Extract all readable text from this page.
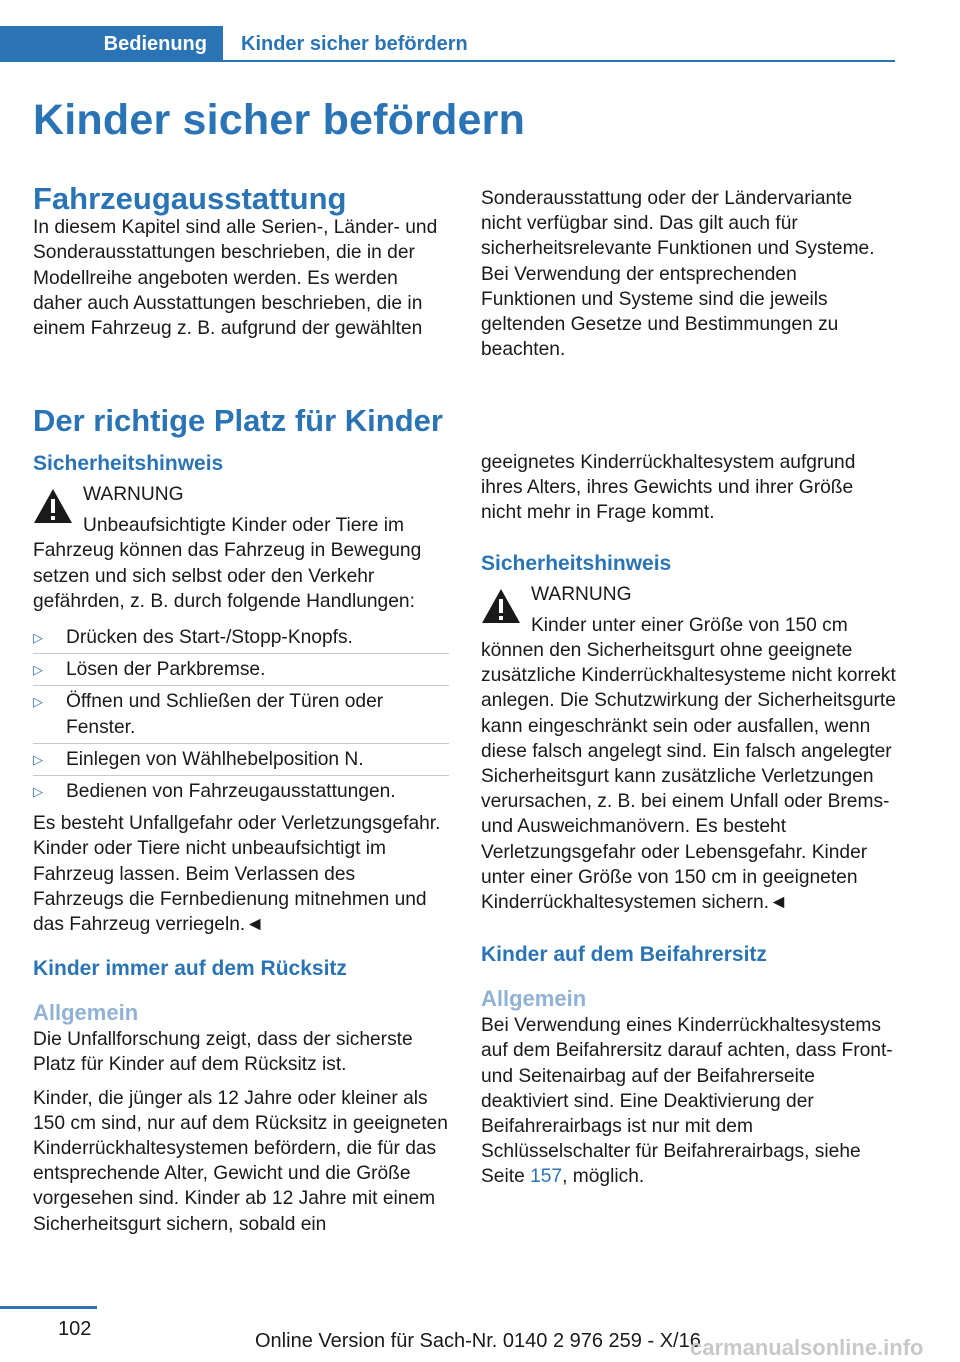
Bedienung	Kinder sicher befördern
Kinder sicher befördern
Fahrzeugausstattung

In diesem Kapitel sind alle Serien-, Länder- und Sonderausstattungen beschrieben, die in der Modellreihe angeboten werden. Es werden daher auch Ausstattungen beschrieben, die in einem Fahrzeug z. B. aufgrund der gewählten

Sonderausstattung oder der Ländervariante nicht verfügbar sind. Das gilt auch für sicherheitsrelevante Funktionen und Systeme. Bei Verwendung der entsprechenden Funktionen und Systeme sind die jeweils geltenden Gesetze und Bestimmungen zu beachten.

Der richtige Platz für Kinder
Sicherheitshinweis
WARNUNG

Unbeaufsichtigte Kinder oder Tiere im Fahrzeug können das Fahrzeug in Bewegung setzen und sich selbst oder den Verkehr gefährden, z. B. durch folgende Handlungen:

▷ Drücken des Start-/Stopp-Knopfs.
▷ Lösen der Parkbremse.
▷ Öffnen und Schließen der Türen oder Fenster.
▷ Einlegen von Wählhebelposition N.
▷ Bedienen von Fahrzeugausstattungen.

Es besteht Unfallgefahr oder Verletzungsgefahr. Kinder oder Tiere nicht unbeaufsichtigt im Fahrzeug lassen. Beim Verlassen des Fahrzeugs die Fernbedienung mitnehmen und das Fahrzeug verriegeln.◄

Kinder immer auf dem Rücksitz
Allgemein

Die Unfallforschung zeigt, dass der sicherste Platz für Kinder auf dem Rücksitz ist.

Kinder, die jünger als 12 Jahre oder kleiner als 150 cm sind, nur auf dem Rücksitz in geeigneten Kinderrückhaltesystemen befördern, die für das entsprechende Alter, Gewicht und die Größe vorgesehen sind. Kinder ab 12 Jahre mit einem Sicherheitsgurt sichern, sobald ein

geeignetes Kinderrückhaltesystem aufgrund ihres Alters, ihres Gewichts und ihrer Größe nicht mehr in Frage kommt.

Sicherheitshinweis
WARNUNG

Kinder unter einer Größe von 150 cm können den Sicherheitsgurt ohne geeignete zusätzliche Kinderrückhaltesysteme nicht korrekt anlegen. Die Schutzwirkung der Sicherheitsgurte kann eingeschränkt sein oder ausfallen, wenn diese falsch angelegt sind. Ein falsch angelegter Sicherheitsgurt kann zusätzliche Verletzungen verursachen, z. B. bei einem Unfall oder Brems- und Ausweichmanövern. Es besteht Verletzungsgefahr oder Lebensgefahr. Kinder unter einer Größe von 150 cm in geeigneten Kinderrückhaltesystemen sichern.◄

Kinder auf dem Beifahrersitz
Allgemein

Bei Verwendung eines Kinderrückhaltesystems auf dem Beifahrersitz darauf achten, dass Front- und Seitenairbag auf der Beifahrerseite deaktiviert sind. Eine Deaktivierung der Beifahrerairbags ist nur mit dem Schlüsselschalter für Beifahrerairbags, siehe Seite 157, möglich.

102
Online Version für Sach-Nr. 0140 2 976 259 - X/16
carmanualsonline.info
